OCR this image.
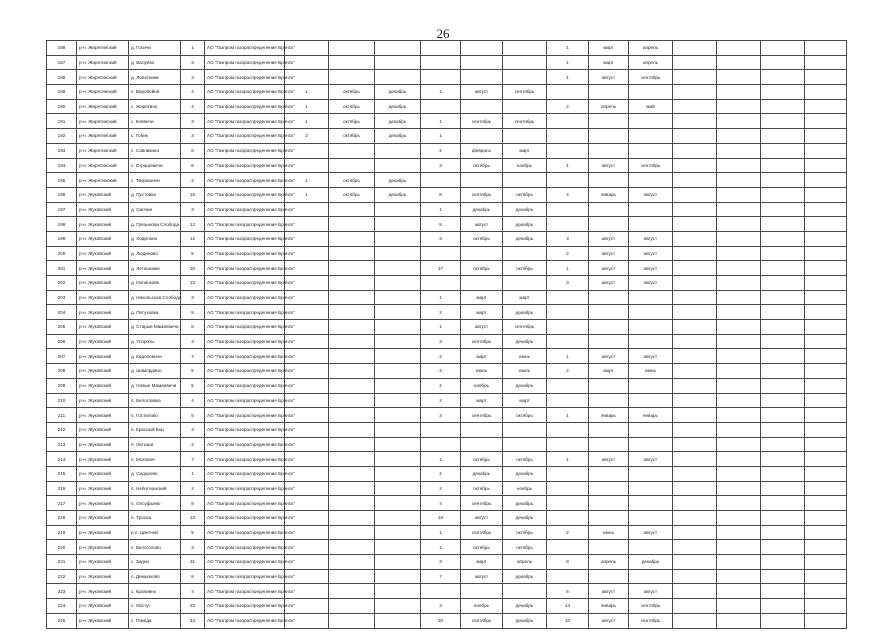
26
188	р-н. Жирятинский	д. Госичи	1	АО "Газпром газораспределение Брянск"							1	март	апрель				
187	р-н. Жирятинский	д. Валуево	3	АО "Газпром газораспределение Брянск"							1	март	апрель				
188	р-н. Жирятинский	д. Лопатники	2	АО "Газпром газораспределение Брянск"							1	август	сентябрь				
189	р-н. Жирятинский	с. Воробейня	4	АО "Газпром газораспределение Брянск"	1	октябрь	декабрь	1	август	сентябрь							
190	р-н. Жирятинский	с. Жирятино	4	АО "Газпром газораспределение Брянск"	1	октябрь	декабрь				2	апрель	май				
191	р-н. Жирятинский	с. Княвичи	3	АО "Газпром газораспределение Брянск"	1	октябрь	декабрь	1	сентябрь	сентябрь							
192	р-н. Жирятинский	с. Гобик	3	АО "Газпром газораспределение Брянск"	2	октябрь	декабрь	1									
193	р-н. Жирятинский	с. Савликино	6	АО "Газпром газораспределение Брянск"				2	февраль	март							
194	р-н. Жирятинский	с. Страшевичи	6	АО "Газпром газораспределение Брянск"				3	октябрь	ноябрь	1	август	сентябрь				
195	р-н. Жирятинский	с. Творишичи	2	АО "Газпром газораспределение Брянск"	1	октябрь	декабрь										
196	р-н. Жуковский	д. Пустовка	15	АО "Газпром газораспределение Брянск"	1	октябрь	декабрь	8	сентябрь	октябрь	4	январь	август				
197	р-н. Жуковский	д. Синчин	3	АО "Газпром газораспределение Брянск"				1	декабрь	декабрь							
198	р-н. Жуковский	д. Грязынова Слобода	12	АО "Газпром газораспределение Брянск"				5	август	декабрь							
199	р-н. Жуковский	д. Ходилово	12	АО "Газпром газораспределение Брянск"				3	октябрь	декабрь	3	август	август				
200	р-н. Жуковский	д. Людиново	5	АО "Газпром газораспределение Брянск"							2	август	август				
201	р-н. Жуковский	д. Летошники	20	АО "Газпром газораспределение Брянск"				17	октябрь	октябрь	1	август	август				
202	р-н. Жуковский	д. Нолинково	10	АО "Газпром газораспределение Брянск"							3	август	август				
203	р-н. Жуковский	д. Никольская Слобода	3	АО "Газпром газораспределение Брянск"				1	март	март							
204	р-н. Жуковский	д. Петуховка	5	АО "Газпром газораспределение Брянск"				2	март	декабрь							
205	р-н. Жуковский	д. Старые Мамаевичи	8	АО "Газпром газораспределение Брянск"				1	август	сентябрь							
206	р-н. Жуковский	д. Упороты	4	АО "Газпром газораспределение Брянск"				3	сентябрь	декабрь							
207	р-н. Жуковский	д. Кадолевичи	7	АО "Газпром газораспределение Брянск"				2	март	июнь	1	август	август				
208	р-н. Жуковский	д. Шамордино	5	АО "Газпром газораспределение Брянск"				2	июнь	июль	2	март	июнь				
209	р-н. Жуковский	д. Новые Мамаевичи	5	АО "Газпром газораспределение Брянск"				2	ноябрь	декабрь							
210	р-н. Жуковский	п. Белоглавка	4	АО "Газпром газораспределение Брянск"				2	март	март							
211	р-н. Жуковский	п. Гостилово	5	АО "Газпром газораспределение Брянск"				3	сентябрь	октябрь	1	январь	январь				
212	р-н. Жуковский	п. Красный Бор	4	АО "Газпром газораспределение Брянск"													
213	р-н. Жуковский	п. Латыши	2	АО "Газпром газораспределение Брянск"													
214	р-н. Жуковский	п. Моховое	7	АО "Газпром газораспределение Брянск"				1	октябрь	октябрь	1	август	август				
215	р-н. Жуковский	д. Сидорово	1	АО "Газпром газораспределение Брянск"				2	декабрь	декабрь							
216	р-н. Жуковский	п. Неболчанский	2	АО "Газпром газораспределение Брянск"				2	октябрь	ноябрь							
217	р-н. Жуковский	п. Олсуфьево	8	АО "Газпром газораспределение Брянск"				4	сентябрь	декабрь							
218	р-н. Жуковский	п. Тросна	10	АО "Газпром газораспределение Брянск"				16	август	декабрь							
219	р-н. Жуковский	р.п. Цветной	5	АО "Газпром газораспределение Брянск"				1	сентябрь	октябрь	2	июнь	август				
220	р-н. Жуковский	с. Белоголово	3	АО "Газпром газораспределение Брянск"				1	октябрь	октябрь							
221	р-н. Жуковский	с. Задни	31	АО "Газпром газораспределение Брянск"				3	март	апрель	8	апрель	декабрь				
222	р-н. Жуковский	с. Демьяново	8	АО "Газпром газораспределение Брянск"				7	август	декабрь							
223	р-н. Жуковский	с. Крапивно	4	АО "Газпром газораспределение Брянск"							5	август	август				
224	р-н. Жуковский	с. Овстуг	23	АО "Газпром газораспределение Брянск"				2	ноябрь	декабрь	14	январь	сентябрь				
225	р-н. Жуковский	с. Гомеда	43	АО "Газпром газораспределение Брянск"				20	сентябрь	декабрь	10	август	сентябрь				
